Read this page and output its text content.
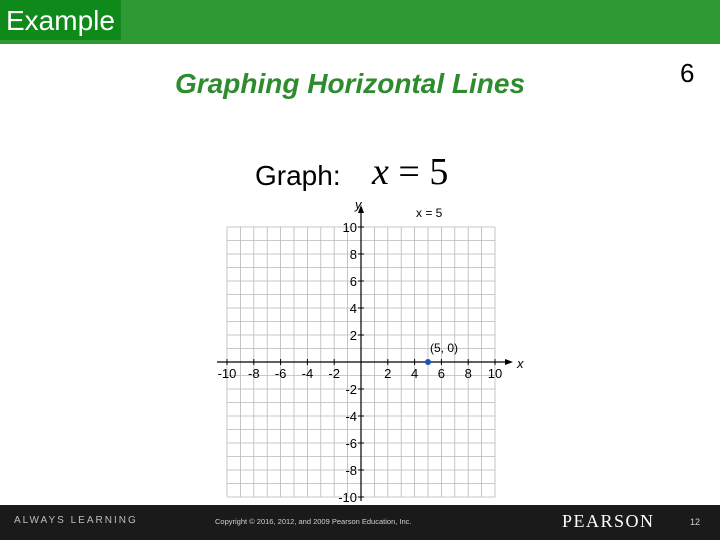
Example
Graphing Horizontal Lines	6
Graph: x = 5
x
y
-10 -8 -6 -4 -2	2 4 6 8 10
10
8
6
4
2
-2
-4
-6
-8
-10
x = 5
(5, 0)
ALWAYS LEARNING	Copyright © 2016, 2012, and 2009 Pearson Education, Inc.	PEARSON	12
